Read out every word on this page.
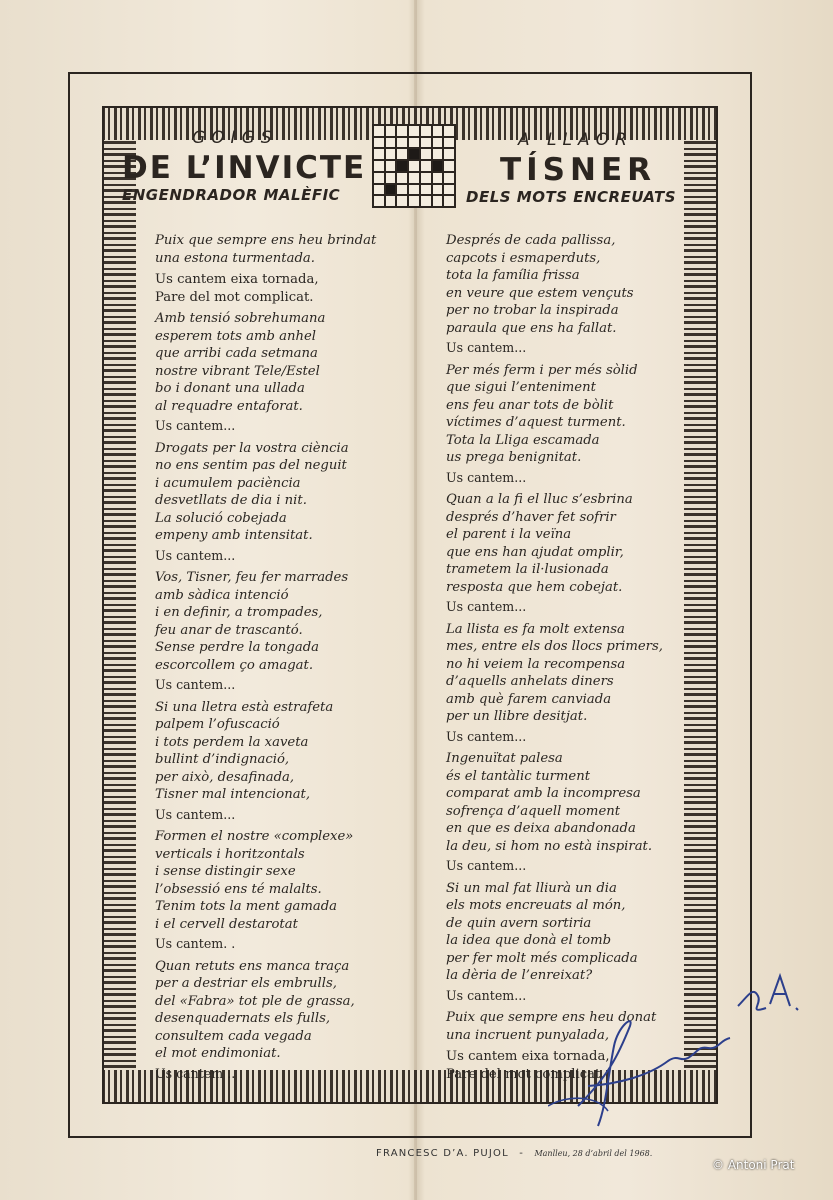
GOIGS
DE L’INVICTE
ENGENDRADOR MALÈFIC
A LLAOR
TÍSNER
DELS MOTS ENCREUATS
Puix que sempre ens heu brindat
una estona turmentada.
Us cantem eixa tornada,
Pare del mot complicat.
Amb tensió sobrehumana
esperem tots amb anhel
que arribi cada setmana
nostre vibrant Tele/Estel
bo i donant una ullada
al requadre entaforat.
Us cantem...
Drogats per la vostra ciència
no ens sentim pas del neguit
i acumulem paciència
desvetllats de dia i nit.
La solució cobejada
empeny amb intensitat.
Us cantem...
Vos, Tisner, feu fer marrades
amb sàdica intenció
i en definir, a trompades,
feu anar de trascantó.
Sense perdre la tongada
escorcollem ço amagat.
Us cantem...
Si una lletra està estrafeta
palpem l’ofuscació
i tots perdem la xaveta
bullint d’indignació,
per això, desafinada,
Tisner mal intencionat,
Us cantem...
Formen el nostre «complexe»
verticals i horitzontals
i sense distingir sexe
l’obsessió ens té malalts.
Tenim tots la ment gamada
i el cervell destarotat
Us cantem. .
Quan retuts ens manca traça
per a destriar els embrulls,
del «Fabra» tot ple de grassa,
desenquadernats els fulls,
consultem cada vegada
el mot endimoniat.
Us cantem ..
Després de cada pallissa,
capcots i esmaperduts,
tota la família frissa
en veure que estem vençuts
per no trobar la inspirada
paraula que ens ha fallat.
Us cantem...
Per més ferm i per més sòlid
que sigui l’enteniment
ens feu anar tots de bòlit
víctimes d’aquest turment.
Tota la Lliga escamada
us prega benignitat.
Us cantem...
Quan a la fi el lluc s’esbrina
després d’haver fet sofrir
el parent i la veïna
que ens han ajudat omplir,
trametem la il·lusionada
resposta que hem cobejat.
Us cantem...
La llista es fa molt extensa
mes, entre els dos llocs primers,
no hi veiem la recompensa
d’aquells anhelats diners
amb què farem canviada
per un llibre desitjat.
Us cantem...
Ingenuïtat palesa
és el tantàlic turment
comparat amb la incompresa
sofrença d’aquell moment
en que es deixa abandonada
la deu, si hom no està inspirat.
Us cantem...
Si un mal fat lliurà un dia
els mots encreuats al món,
de quin avern sortiria
la idea que donà el tomb
per fer molt més complicada
la dèria de l’enreixat?
Us cantem...
Puix que sempre ens heu donat
una incruent punyalada,
Us cantem eixa tornada,
Pare del mot complicat.
FRANCESC D’A. PUJOL - Manlleu, 28 d’abril del 1968.
© Antoni Prat
